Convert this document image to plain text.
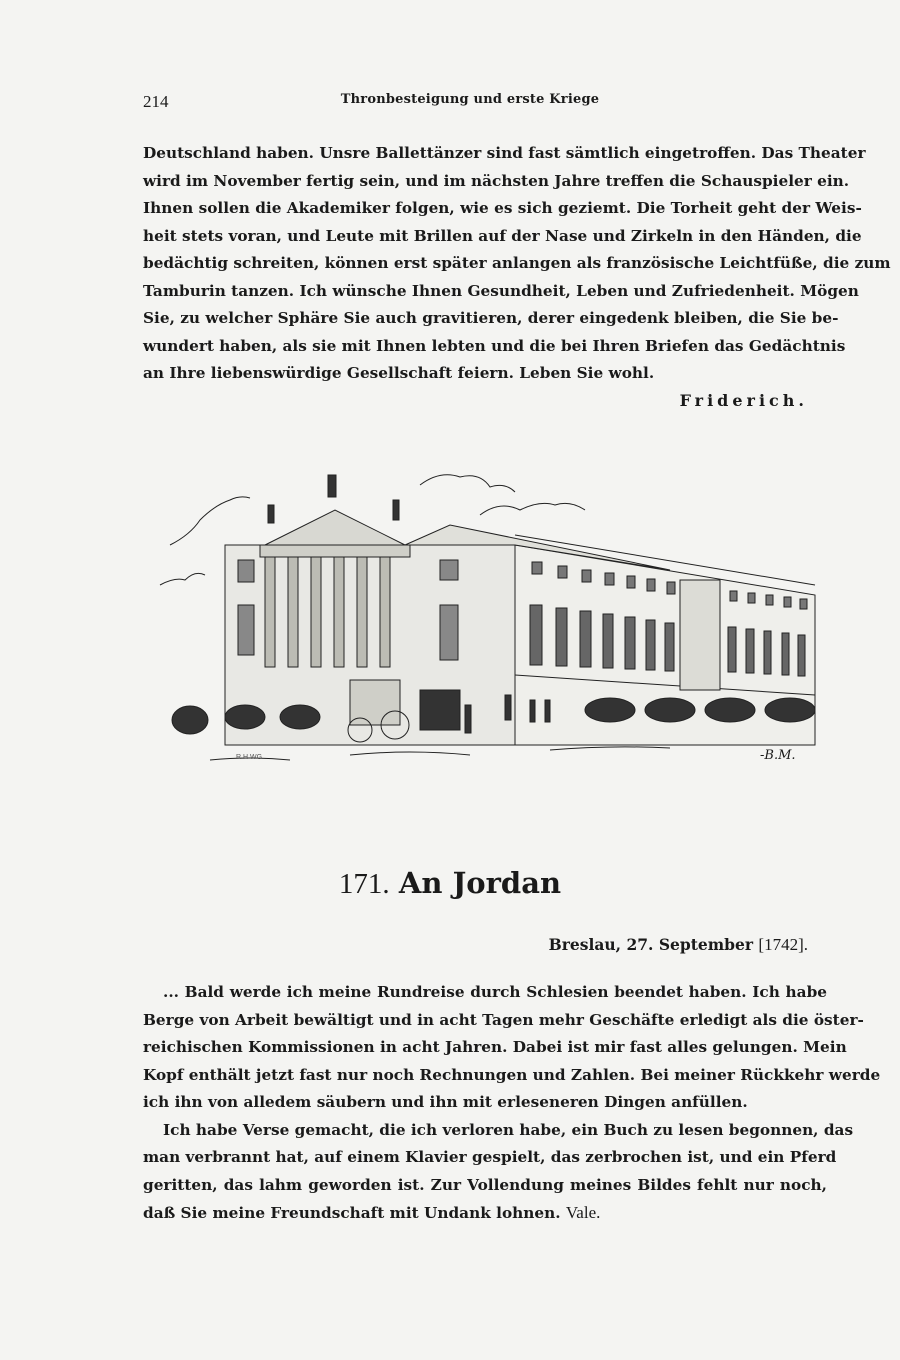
214	Thronbesteigung und erste Kriege
Deutschland haben. Unsre Ballettänzer sind fast sämtlich eingetroffen. Das Theater
wird im November fertig sein, und im nächsten Jahre treffen die Schauspieler ein.
Ihnen sollen die Akademiker folgen, wie es sich geziemt. Die Torheit geht der Weis-
heit stets voran, und Leute mit Brillen auf der Nase und Zirkeln in den Händen, die
bedächtig schreiten, können erst später anlangen als französische Leichtfüße, die zum
Tamburin tanzen. Ich wünsche Ihnen Gesundheit, Leben und Zufriedenheit. Mögen
Sie, zu welcher Sphäre Sie auch gravitieren, derer eingedenk bleiben, die Sie be-
wundert haben, als sie mit Ihnen lebten und die bei Ihren Briefen das Gedächtnis
an Ihre liebenswürdige Gesellschaft feiern. Leben Sie wohl.
Friderich.
R.H WG.	-B.M.
171. An Jordan
Breslau, 27. September [1742].
... Bald werde ich meine Rundreise durch Schlesien beendet haben. Ich habe
Berge von Arbeit bewältigt und in acht Tagen mehr Geschäfte erledigt als die öster-
reichischen Kommissionen in acht Jahren. Dabei ist mir fast alles gelungen. Mein
Kopf enthält jetzt fast nur noch Rechnungen und Zahlen. Bei meiner Rückkehr werde
ich ihn von alledem säubern und ihn mit erleseneren Dingen anfüllen.
Ich habe Verse gemacht, die ich verloren habe, ein Buch zu lesen begonnen, das
man verbrannt hat, auf einem Klavier gespielt, das zerbrochen ist, und ein Pferd
geritten, das lahm geworden ist. Zur Vollendung meines Bildes fehlt nur noch,
daß Sie meine Freundschaft mit Undank lohnen. Vale.
